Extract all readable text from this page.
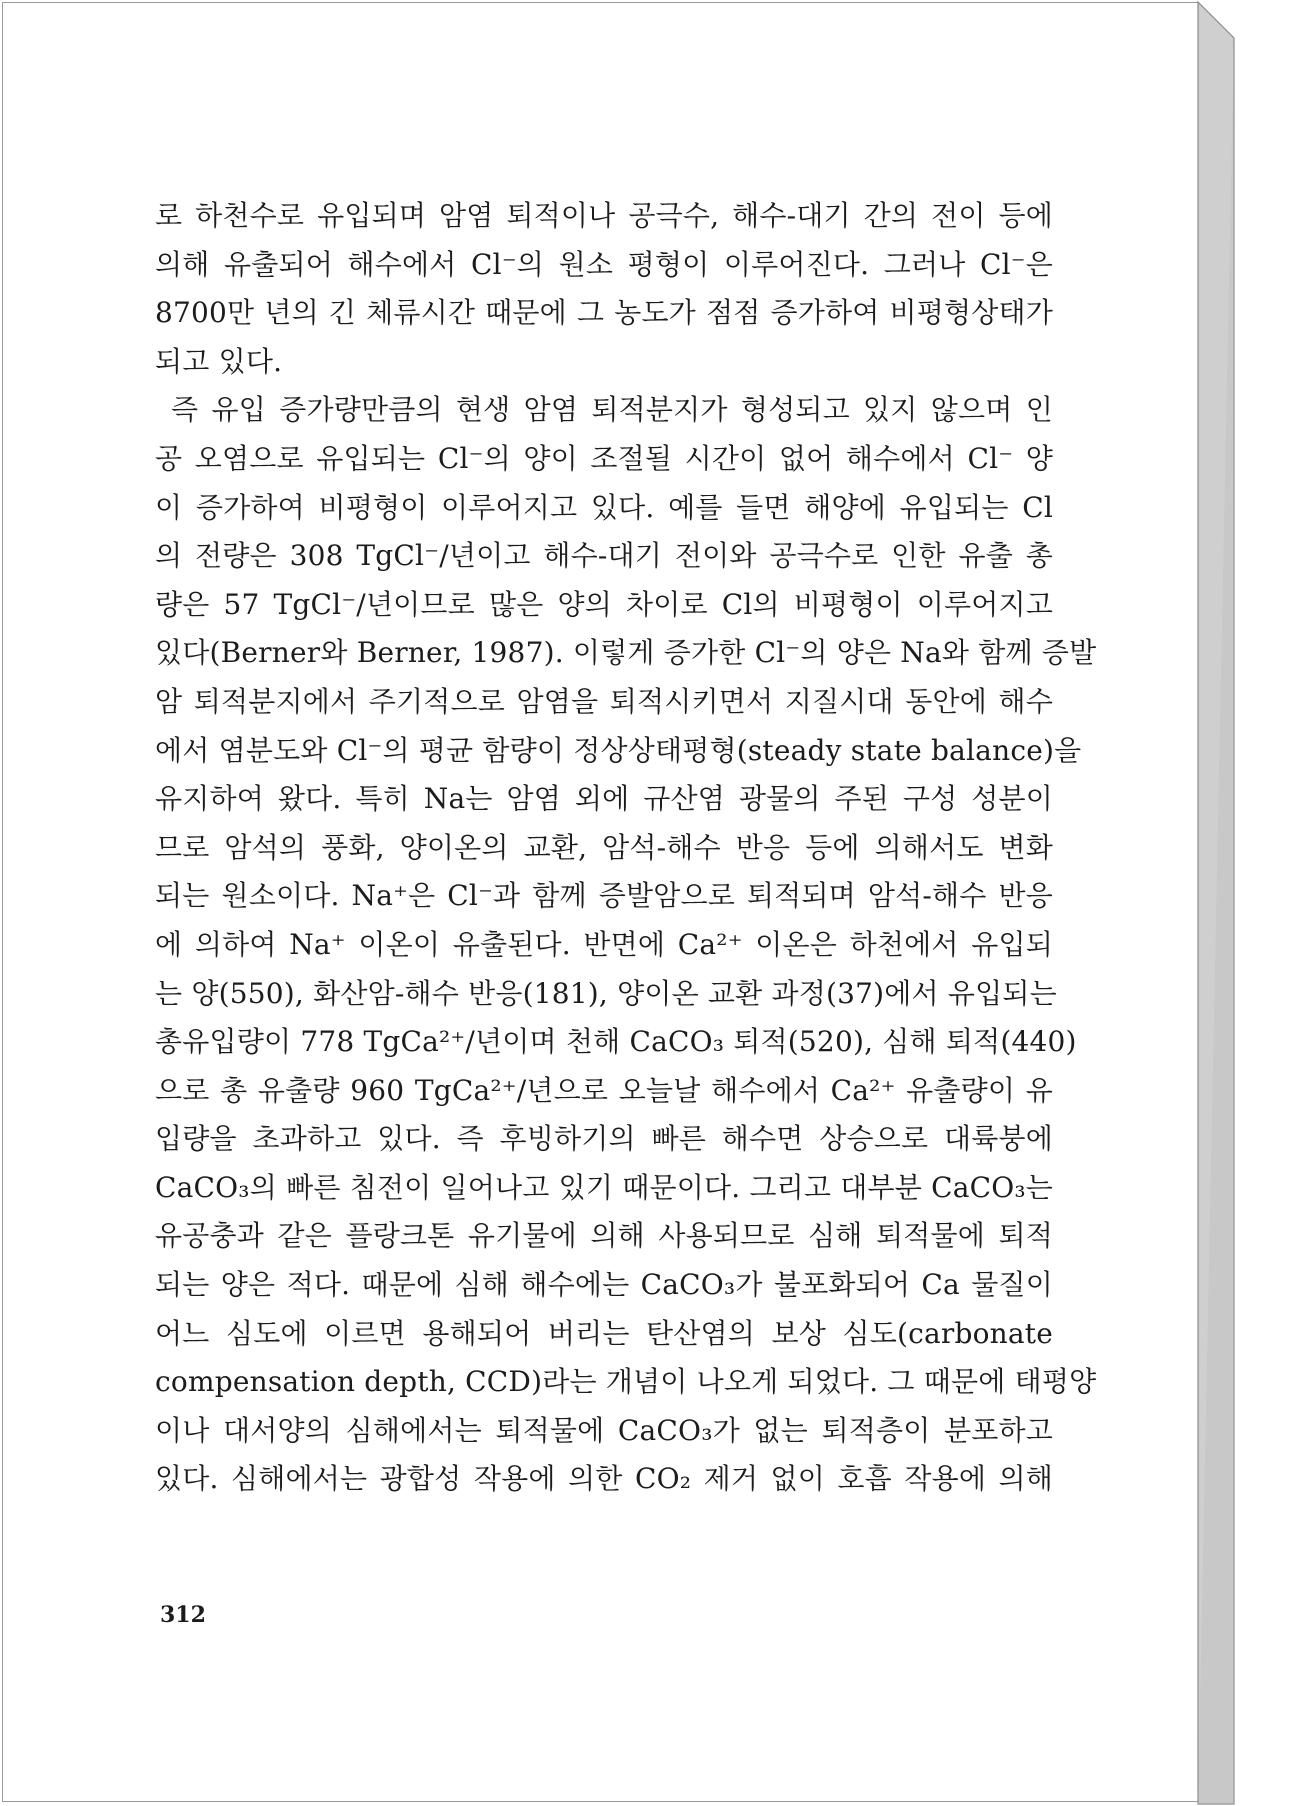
로 하천수로 유입되며 암염 퇴적이나 공극수, 해수-대기 간의 전이 등에
의해 유출되어 해수에서 Cl⁻의 원소 평형이 이루어진다. 그러나 Cl⁻은
8700만 년의 긴 체류시간 때문에 그 농도가 점점 증가하여 비평형상태가
되고 있다.
즉 유입 증가량만큼의 현생 암염 퇴적분지가 형성되고 있지 않으며 인
공 오염으로 유입되는 Cl⁻의 양이 조절될 시간이 없어 해수에서 Cl⁻ 양
이 증가하여 비평형이 이루어지고 있다. 예를 들면 해양에 유입되는 Cl
의 전량은 308 TgCl⁻/년이고 해수-대기 전이와 공극수로 인한 유출 총
량은 57 TgCl⁻/년이므로 많은 양의 차이로 Cl의 비평형이 이루어지고
있다(Berner와 Berner, 1987). 이렇게 증가한 Cl⁻의 양은 Na와 함께 증발
암 퇴적분지에서 주기적으로 암염을 퇴적시키면서 지질시대 동안에 해수
에서 염분도와 Cl⁻의 평균 함량이 정상상태평형(steady state balance)을
유지하여 왔다. 특히 Na는 암염 외에 규산염 광물의 주된 구성 성분이
므로 암석의 풍화, 양이온의 교환, 암석-해수 반응 등에 의해서도 변화
되는 원소이다. Na⁺은 Cl⁻과 함께 증발암으로 퇴적되며 암석-해수 반응
에 의하여 Na⁺ 이온이 유출된다. 반면에 Ca²⁺ 이온은 하천에서 유입되
는 양(550), 화산암-해수 반응(181), 양이온 교환 과정(37)에서 유입되는
총유입량이 778 TgCa²⁺/년이며 천해 CaCO₃ 퇴적(520), 심해 퇴적(440)
으로 총 유출량 960 TgCa²⁺/년으로 오늘날 해수에서 Ca²⁺ 유출량이 유
입량을 초과하고 있다. 즉 후빙하기의 빠른 해수면 상승으로 대륙붕에
CaCO₃의 빠른 침전이 일어나고 있기 때문이다. 그리고 대부분 CaCO₃는
유공충과 같은 플랑크톤 유기물에 의해 사용되므로 심해 퇴적물에 퇴적
되는 양은 적다. 때문에 심해 해수에는 CaCO₃가 불포화되어 Ca 물질이
어느 심도에 이르면 용해되어 버리는 탄산염의 보상 심도(carbonate
compensation depth, CCD)라는 개념이 나오게 되었다. 그 때문에 태평양
이나 대서양의 심해에서는 퇴적물에 CaCO₃가 없는 퇴적층이 분포하고
있다. 심해에서는 광합성 작용에 의한 CO₂ 제거 없이 호흡 작용에 의해
312
